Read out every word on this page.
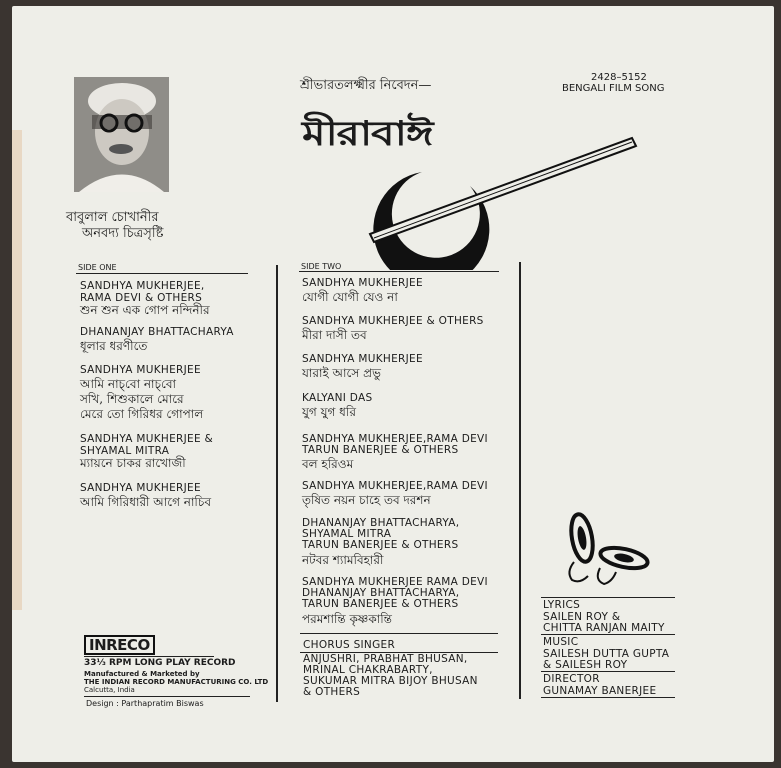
বাবুলাল চোখানীর
অনবদ্য চিত্রসৃষ্টি
শ্রীভারতলক্ষ্মীর নিবেদন—
2428–5152
BENGALI FILM SONG
মীরাবাঈ
SIDE ONE
SANDHYA MUKHERJEE,
RAMA DEVI & OTHERS
শুন শুন এক গোপ নন্দিনীর
DHANANJAY BHATTACHARYA
ধূলার ধরণীতে
SANDHYA MUKHERJEE
আমি নাচ্‌বো নাচ্‌বো
সখি, শিশুকালে মোরে
মেরে তো গিরিধর গোপাল
SANDHYA MUKHERJEE &
SHYAMAL MITRA
ম্যায়নে চাকর রাখোজী
SANDHYA MUKHERJEE
আমি গিরিধারী আগে নাচিব
SIDE TWO
SANDHYA MUKHERJEE
যোগী যোগী যেও না
SANDHYA MUKHERJEE & OTHERS
মীরা দাসী তব
SANDHYA MUKHERJEE
যারাই আসে প্রভু
KALYANI DAS
যুগ যুগ ধরি
SANDHYA MUKHERJEE,RAMA DEVI
TARUN BANERJEE & OTHERS
বল হরিওম
SANDHYA MUKHERJEE,RAMA DEVI
তৃষিত নয়ন চাহে তব দরশন
DHANANJAY BHATTACHARYA,
SHYAMAL MITRA
TARUN BANERJEE & OTHERS
নটবর শ্যামবিহারী
SANDHYA MUKHERJEE RAMA DEVI
DHANANJAY BHATTACHARYA,
TARUN BANERJEE & OTHERS
পরমশান্তি কৃষ্ণকান্তি
CHORUS SINGER
ANJUSHRI, PRABHAT BHUSAN,
MRINAL CHAKRABARTY,
SUKUMAR MITRA BIJOY BHUSAN
& OTHERS
LYRICS
SAILEN ROY &
CHITTA RANJAN MAITY
MUSIC
SAILESH DUTTA GUPTA
& SAILESH ROY
DIRECTOR
GUNAMAY BANERJEE
INRECO
33⅓ RPM LONG PLAY RECORD
Manufactured & Marketed by
THE INDIAN RECORD MANUFACTURING CO. LTD
Calcutta, India
Design : Parthapratim Biswas
